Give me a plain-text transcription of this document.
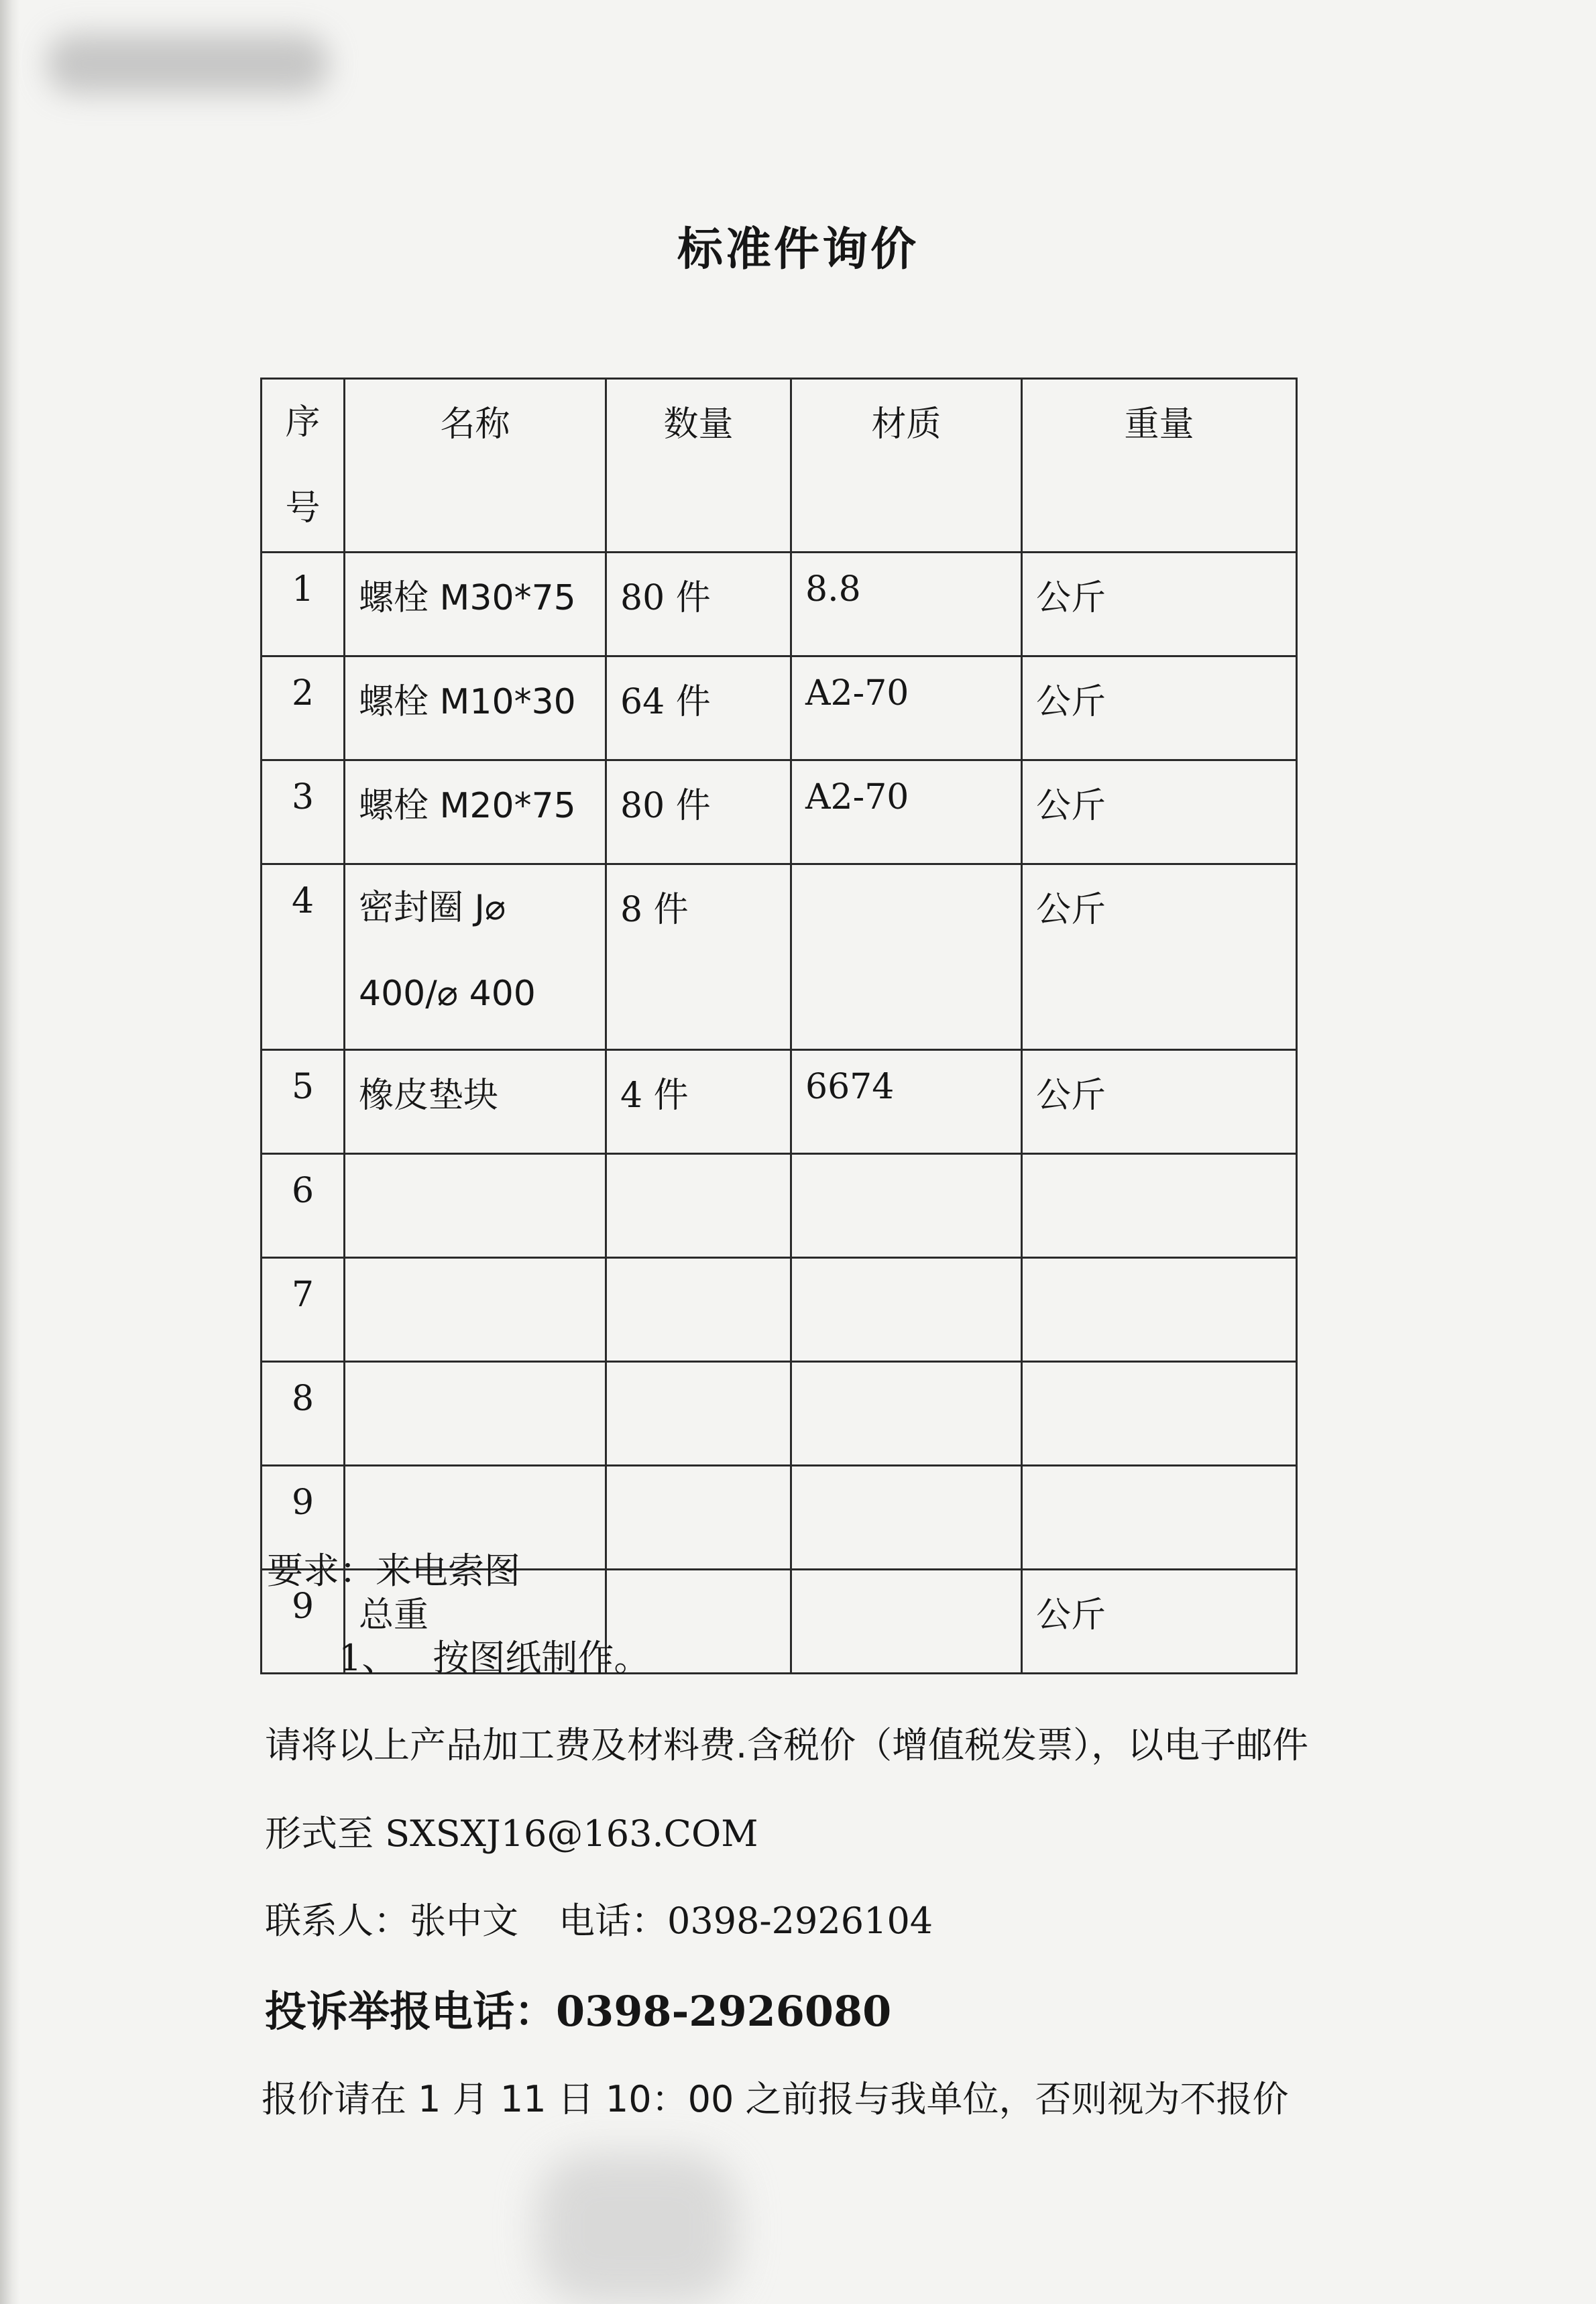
标准件询价
序号	名称	数量	材质	重量
1	螺栓 M30*75	80 件	8.8	公斤
2	螺栓 M10*30	64 件	A2-70	公斤
3	螺栓 M20*75	80 件	A2-70	公斤
4	密封圈 J⌀ 400/⌀ 400	8 件		公斤
5	橡皮垫块	4 件	6674	公斤
6				
7				
8				
9				
9	总重			公斤

要求：来电索图

1、 按图纸制作。

请将以上产品加工费及材料费.含税价（增值税发票），以电子邮件

形式至 SXSXJ16@163.COM

联系人：张中文 电话：0398-2926104

投诉举报电话：0398-2926080

报价请在 1 月 11 日 10：00 之前报与我单位，否则视为不报价
